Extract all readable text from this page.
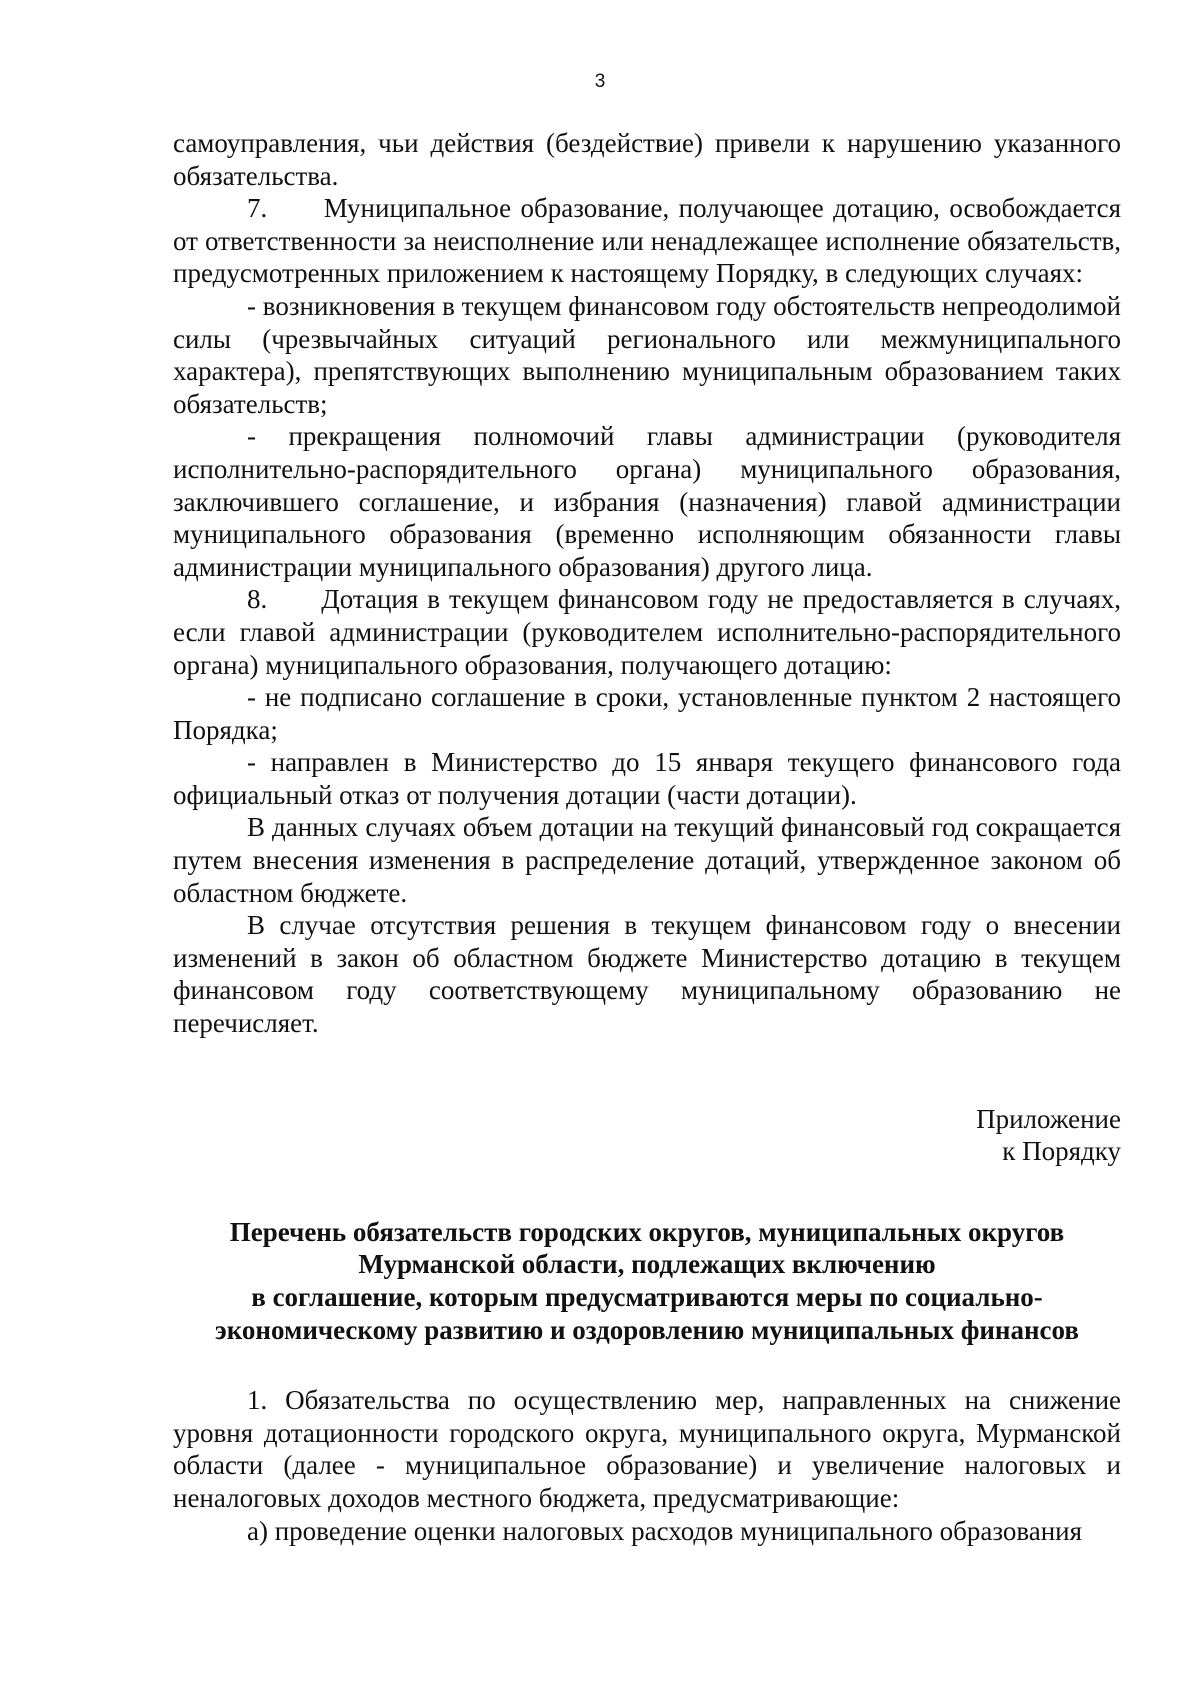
3

самоуправления, чьи действия (бездействие) привели к нарушению указанного обязательства.

7.      Муниципальное образование, получающее дотацию, освобождается от ответственности за неисполнение или ненадлежащее исполнение обязательств, предусмотренных приложением к настоящему Порядку, в следующих случаях:

- возникновения в текущем финансовом году обстоятельств непреодолимой силы (чрезвычайных ситуаций регионального или межмуниципального характера), препятствующих выполнению муниципальным образованием таких обязательств;

- прекращения полномочий главы администрации (руководителя исполнительно-распорядительного органа) муниципального образования, заключившего соглашение, и избрания (назначения) главой администрации муниципального образования (временно исполняющим обязанности главы администрации муниципального образования) другого лица.

8.      Дотация в текущем финансовом году не предоставляется в случаях, если главой администрации (руководителем исполнительно-распорядительного органа) муниципального образования, получающего дотацию:

- не подписано соглашение в сроки, установленные пунктом 2 настоящего Порядка;

- направлен в Министерство до 15 января текущего финансового года официальный отказ от получения дотации (части дотации).

В данных случаях объем дотации на текущий финансовый год сокращается путем внесения изменения в распределение дотаций, утвержденное законом об областном бюджете.

В случае отсутствия решения в текущем финансовом году о внесении изменений в закон об областном бюджете Министерство дотацию в текущем финансовом году соответствующему муниципальному образованию не перечисляет.

Приложение
к Порядку
Перечень обязательств городских округов, муниципальных округов
Мурманской области, подлежащих включению
в соглашение, которым предусматриваются меры по социально-
экономическому развитию и оздоровлению муниципальных финансов

1. Обязательства по осуществлению мер, направленных на снижение уровня дотационности городского округа, муниципального округа, Мурманской области (далее - муниципальное образование) и увеличение налоговых и неналоговых доходов местного бюджета, предусматривающие:

а) проведение оценки налоговых расходов муниципального образования
